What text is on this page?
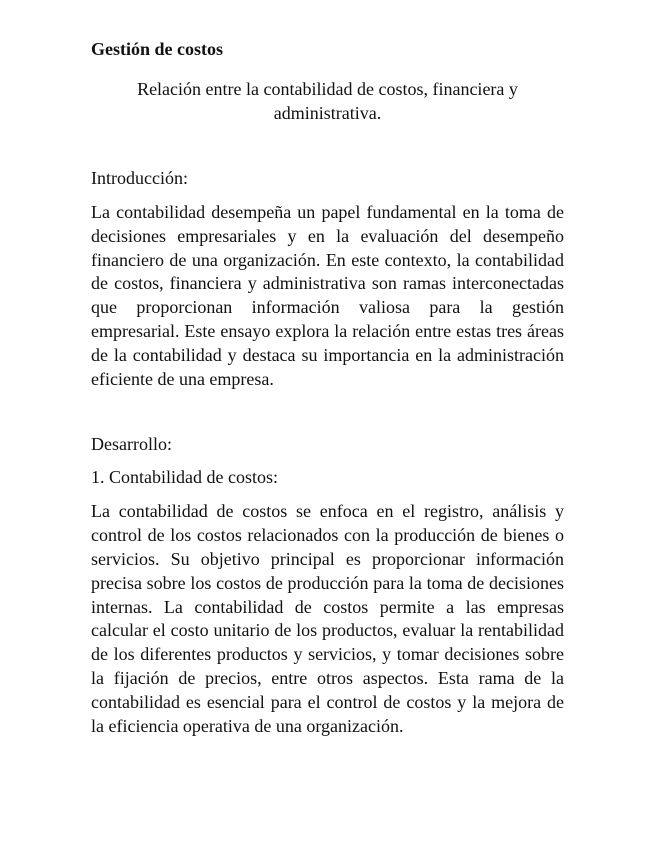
Gestión de costos

Relación entre la contabilidad de costos, financiera y administrativa.

Introducción:

La contabilidad desempeña un papel fundamental en la toma de decisiones empresariales y en la evaluación del desempeño financiero de una organización. En este contexto, la contabilidad de costos, financiera y administrativa son ramas interconectadas que proporcionan información valiosa para la gestión empresarial. Este ensayo explora la relación entre estas tres áreas de la contabilidad y destaca su importancia en la administración eficiente de una empresa.

Desarrollo:

1. Contabilidad de costos:

La contabilidad de costos se enfoca en el registro, análisis y control de los costos relacionados con la producción de bienes o servicios. Su objetivo principal es proporcionar información precisa sobre los costos de producción para la toma de decisiones internas. La contabilidad de costos permite a las empresas calcular el costo unitario de los productos, evaluar la rentabilidad de los diferentes productos y servicios, y tomar decisiones sobre la fijación de precios, entre otros aspectos. Esta rama de la contabilidad es esencial para el control de costos y la mejora de la eficiencia operativa de una organización.
